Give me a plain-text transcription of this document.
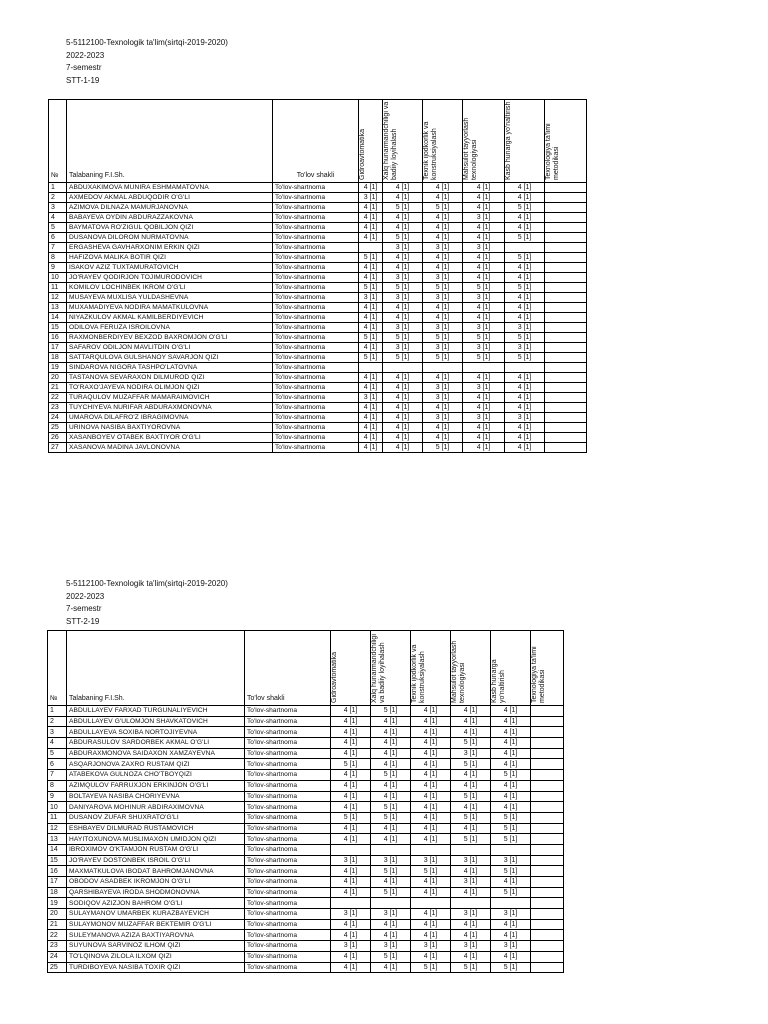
5-5112100-Texnologik ta'lim(sirtqi-2019-2020)
2022-2023
7-semestr
STT-1-19
№	Talabaning F.I.Sh.	To'lov shakli	Gidroavtomatika	Xalq hunarmandchiligi va badiiy loyihalash	Texnik ijodkorlik va konstruksiyalash	Mahsulot tayyorlash texnologiyasi	Kasb hunarga yo'naltirish	Texnologiya ta'limi metodikasi

1	ABDUXAKIMOVA MUNIRA ESHMAMATOVNA	To'lov-shartnoma	4 [1]	4 [1]	4 [1]	4 [1]	4 [1]	
2	AXMEDOV AKMAL ABDUQODIR O'G'LI	To'lov-shartnoma	3 [1]	4 [1]	4 [1]	4 [1]	4 [1]	
3	AZIMOVA DILNAZA MAMURJANOVNA	To'lov-shartnoma	4 [1]	5 [1]	5 [1]	4 [1]	5 [1]	
4	BABAYEVA OYDIN ABDURAZZAKOVNA	To'lov-shartnoma	4 [1]	4 [1]	4 [1]	3 [1]	4 [1]	
5	BAYMATOVA RO'ZIGUL QOBILJON QIZI	To'lov-shartnoma	4 [1]	4 [1]	4 [1]	4 [1]	4 [1]	
6	DUSANOVA DILOROM NURMATOVNA	To'lov-shartnoma	4 [1]	5 [1]	4 [1]	4 [1]	5 [1]	
7	ERGASHEVA GAVHARXONIM ERKIN QIZI	To'lov-shartnoma		3 [1]	3 [1]	3 [1]		
8	HAFIZOVA MALIKA BOTIR QIZI	To'lov-shartnoma	5 [1]	4 [1]	4 [1]	4 [1]	5 [1]	
9	ISAKOV AZIZ TUXTAMURATOVICH	To'lov-shartnoma	4 [1]	4 [1]	4 [1]	4 [1]	4 [1]	
10	JO'RAYEV QODIRJON TOJIMURODOVICH	To'lov-shartnoma	4 [1]	3 [1]	3 [1]	4 [1]	4 [1]	
11	KOMILOV LOCHINBEK IKROM O'G'LI	To'lov-shartnoma	5 [1]	5 [1]	5 [1]	5 [1]	5 [1]	
12	MUSAYEVA MUXLISA YULDASHEVNA	To'lov-shartnoma	3 [1]	3 [1]	3 [1]	3 [1]	4 [1]	
13	MUXAMADIYEVA NODIRA MAMATKULOVNA	To'lov-shartnoma	4 [1]	4 [1]	4 [1]	4 [1]	4 [1]	
14	NIYAZKULOV AKMAL KAMILBERDIYEVICH	To'lov-shartnoma	4 [1]	4 [1]	4 [1]	4 [1]	4 [1]	
15	ODILOVA FERUZA ISROILOVNA	To'lov-shartnoma	4 [1]	3 [1]	3 [1]	3 [1]	3 [1]	
16	RAXMONBERDIYEV BEXZOD BAXROMJON O'G'LI	To'lov-shartnoma	5 [1]	5 [1]	5 [1]	5 [1]	5 [1]	
17	SAFAROV ODILJON MAVLITDIN O'G'LI	To'lov-shartnoma	4 [1]	3 [1]	3 [1]	3 [1]	3 [1]	
18	SATTARQULOVA GULSHANOY SAVARJON QIZI	To'lov-shartnoma	5 [1]	5 [1]	5 [1]	5 [1]	5 [1]	
19	SINDAROVA NIGORA TASHPO'LATOVNA	To'lov-shartnoma						
20	TASTANOVA SEVARAXON DILMUROD QIZI	To'lov-shartnoma	4 [1]	4 [1]	4 [1]	4 [1]	4 [1]	
21	TO'RAXO'JAYEVA NODIRA OLIMJON QIZI	To'lov-shartnoma	4 [1]	4 [1]	3 [1]	3 [1]	4 [1]	
22	TURAQULOV MUZAFFAR MAMARAIMOVICH	To'lov-shartnoma	3 [1]	4 [1]	3 [1]	4 [1]	4 [1]	
23	TUYCHIYEVA NURIFAR ABDURAXMONOVNA	To'lov-shartnoma	4 [1]	4 [1]	4 [1]	4 [1]	4 [1]	
24	UMAROVA DILAFRO'Z IBRAGIMOVNA	To'lov-shartnoma	4 [1]	4 [1]	3 [1]	3 [1]	3 [1]	
25	URINOVA NASIBA BAXTIYOROVNA	To'lov-shartnoma	4 [1]	4 [1]	4 [1]	4 [1]	4 [1]	
26	XASANBOYEV OTABEK BAXTIYOR O'G'LI	To'lov-shartnoma	4 [1]	4 [1]	4 [1]	4 [1]	4 [1]	
27	XASANOVA MADINA JAVLONOVNA	To'lov-shartnoma	4 [1]	4 [1]	5 [1]	4 [1]	4 [1]	
5-5112100-Texnologik ta'lim(sirtqi-2019-2020)
2022-2023
7-semestr
STT-2-19
№	Talabaning F.I.Sh.	To'lov shakli	Gidroavtomatika	Xalq hunarmandchiligi va badiiy loyihalash	Texnik ijodkorlik va konstruksiyalash	Mahsulot tayyorlash texnologiyasi	Kasb hunarga yo'naltirish	Texnologiya ta'limi metodikasi

1	ABDULLAYEV FARXAD TURGUNALIYEVICH	To'lov-shartnoma	4 [1]	5 [1]	4 [1]	4 [1]	4 [1]	
2	ABDULLAYEV G'ULOMJON SHAVKATOVICH	To'lov-shartnoma	4 [1]	4 [1]	4 [1]	4 [1]	4 [1]	
3	ABDULLAYEVA SOXIBA NORTOJIYEVNA	To'lov-shartnoma	4 [1]	4 [1]	4 [1]	4 [1]	4 [1]	
4	ABDURASULOV SARDORBEK AKMAL O'G'LI	To'lov-shartnoma	4 [1]	4 [1]	4 [1]	5 [1]	4 [1]	
5	ABDURAXMONOVA SAIDAXON XAMZAYEVNA	To'lov-shartnoma	4 [1]	4 [1]	4 [1]	3 [1]	4 [1]	
6	ASQARJONOVA ZAXRO RUSTAM QIZI	To'lov-shartnoma	5 [1]	4 [1]	4 [1]	5 [1]	4 [1]	
7	ATABEKOVA GULNOZA CHO'TBOYQIZI	To'lov-shartnoma	4 [1]	5 [1]	4 [1]	4 [1]	5 [1]	
8	AZIMQULOV FARRUXJON ERKINJON O'G'LI	To'lov-shartnoma	4 [1]	4 [1]	4 [1]	4 [1]	4 [1]	
9	BOLTAYEVA NASIBA CHORIYEVNA	To'lov-shartnoma	4 [1]	4 [1]	4 [1]	5 [1]	4 [1]	
10	DANIYAROVA MOHINUR ABDIRAXIMOVNA	To'lov-shartnoma	4 [1]	5 [1]	4 [1]	4 [1]	4 [1]	
11	DUSANOV ZUFAR SHUXRATO'G'LI	To'lov-shartnoma	5 [1]	5 [1]	4 [1]	5 [1]	5 [1]	
12	ESHBAYEV DILMURAD RUSTAMOVICH	To'lov-shartnoma	4 [1]	4 [1]	4 [1]	4 [1]	5 [1]	
13	HAYITOXUNOVA MUSLIMAXON UMIDJON QIZI	To'lov-shartnoma	4 [1]	4 [1]	4 [1]	5 [1]	5 [1]	
14	IBROXIMOV O'KTAMJON RUSTAM O'G'LI	To'lov-shartnoma						
15	JO'RAYEV DOSTONBEK ISROIL O'G'LI	To'lov-shartnoma	3 [1]	3 [1]	3 [1]	3 [1]	3 [1]	
16	MAXMATKULOVA IBODAT BAHROMJANOVNA	To'lov-shartnoma	4 [1]	5 [1]	5 [1]	4 [1]	5 [1]	
17	OBODOV ASADBEK IKROMJON O'G'LI	To'lov-shartnoma	4 [1]	4 [1]	4 [1]	3 [1]	4 [1]	
18	QARSHIBAYEVA IRODA SHODMONOVNA	To'lov-shartnoma	4 [1]	5 [1]	4 [1]	4 [1]	5 [1]	
19	SODIQOV AZIZJON BAHROM O'G'LI	To'lov-shartnoma						
20	SULAYMANOV UMARBEK KURAZBAYEVICH	To'lov-shartnoma	3 [1]	3 [1]	4 [1]	3 [1]	3 [1]	
21	SULAYMONOV MUZAFFAR BEKTEMIR O'G'LI	To'lov-shartnoma	4 [1]	4 [1]	4 [1]	4 [1]	4 [1]	
22	SULEYMANOVA AZIZA BAXTIYAROVNA	To'lov-shartnoma	4 [1]	4 [1]	4 [1]	4 [1]	4 [1]	
23	SUYUNOVA SARVINOZ ILHOM QIZI	To'lov-shartnoma	3 [1]	3 [1]	3 [1]	3 [1]	3 [1]	
24	TO'LQINOVA ZILOLA ILXOM QIZI	To'lov-shartnoma	4 [1]	5 [1]	4 [1]	4 [1]	4 [1]	
25	TURDIBOYEVA NASIBA TOXIR QIZI	To'lov-shartnoma	4 [1]	4 [1]	5 [1]	5 [1]	5 [1]	
